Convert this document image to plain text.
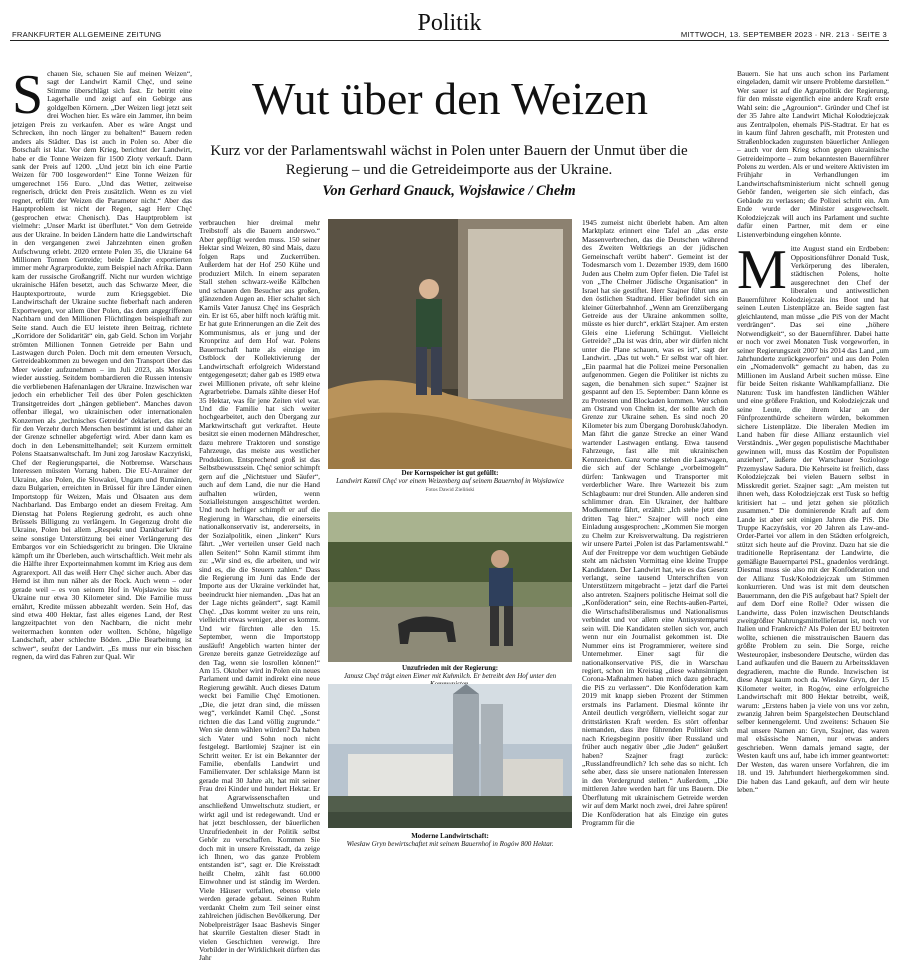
Politik
FRANKFURTER ALLGEMEINE ZEITUNG	MITTWOCH, 13. SEPTEMBER 2023 · NR. 213 · SEITE 3
S chauen Sie, schauen Sie auf meinen Weizen“, sagt der Landwirt Kamil Chęć, und seine Stimme überschlägt sich fast. Er betritt eine Lagerhalle und zeigt auf ein Gebirge aus goldgelben Körnern. „Der Weizen liegt jetzt seit drei Wochen hier. Es wäre ein Jammer, ihn beim jetzigen Preis zu verkaufen. Aber es wäre Angst und Schrecken, ihn noch länger zu behalten!“ Bauern reden anders als Städter. Das ist auch in Polen so. Aber die Botschaft ist klar. Vor dem Krieg, berichtet der Landwirt, habe er die Tonne Weizen für 1500 Złoty verkauft. Dann sank der Preis auf 1200. „Und jetzt bin ich eine Partie Weizen für 700 losgeworden!“ Eine Tonne Weizen für umgerechnet 156 Euro. „Und das Wetter, zeitweise regnerisch, drückt den Preis zusätzlich. Wenn es zu viel regnet, erfüllt der Weizen die Parameter nicht.“ Aber das Hauptproblem ist nicht der Regen, sagt Herr Chęć (gesprochen etwa: Chenisch). Das Hauptproblem ist vielmehr: „Unser Markt ist überflutet.“ Von dem Getreide aus der Ukraine. In beiden Ländern hatte die Landwirtschaft in den vergangenen zwei Jahrzehnten einen großen Aufschwung erlebt. 2020 erntete Polen 35, die Ukraine 64 Millionen Tonnen Getreide; beide Länder exportierten immer mehr Agrarprodukte, zum Beispiel nach Afrika. Dann kam der russische Großangriff. Nicht nur wurden wichtige ukrainische Häfen besetzt, auch das Schwarze Meer, die Hauptexportroute, wurde zum Kriegsgebiet. Die Landwirtschaft der Ukraine suchte fieberhaft nach anderen Exportwegen, vor allem über Polen, das dem angegriffenen Nachbarn und den Millionen Flüchtlingen beispielhaft zur Seite stand. Auch die EU leistete ihren Beitrag, richtete „Korridore der Solidarität“ ein, gab Geld. Schon im Vorjahr strömten Millionen Tonnen Getreide per Bahn und Lastwagen durch Polen. Doch mit dem erneuten Versuch, Getreideabkommen zu bewegen und den Transport über das Meer wieder aufzunehmen – im Juli 2023, als Moskau wieder ausstieg. Seitdem bombardieren die Russen intensiv die verbliebenen Hafenanlagen der Ukraine. Inzwischen war jedoch ein erheblicher Teil des über Polen geschickten Transitgetreides dort „hängen geblieben“. Manches davon offenbar illegal, wo ukrainischen oder internationalen Konzernen als „technisches Getreide“ deklariert, das nicht für den Verzehr durch Menschen bestimmt ist und daher an der Grenze schneller abgefertigt wird. Aber dann kam es doch in den Lebensmittelhandel; seit Kurzem ermittelt Polens Staatsanwaltschaft. Im Juni zog Jarosław Kaczyński, Chef der Regierungspartei, die Notbremse. Warschaus Interessen müssten Vorrang haben. Die EU-Anrainer der Ukraine, also Polen, die Slowakei, Ungarn und Rumänien, dazu Bulgarien, erreichten in Brüssel für ihre Länder einen Importstopp für Weizen, Mais und Ölsaaten aus dem Nachbarland. Das Embargo endet an diesem Freitag. Am Dienstag hat Polens Regierung gedroht, es auch ohne Brüssels Billigung zu verlängern. In Gegenzug droht die Ukraine, Polen bei allem „Respekt und Dankbarkeit“ für seine sonstige Unterstützung bei einer Verlängerung des Embargos vor ein Schiedsgericht zu bringen. Die Ukraine kämpft um ihr Überleben, auch wirtschaftlich. Weit mehr als die Hälfte ihrer Exporteinnahmen kommt im Krieg aus dem Agrarexport. All das weiß Herr Chęć sicher auch. Aber das Hemd ist ihm nun näher als der Rock. Auch wenn – oder gerade weil – es von seinem Hof in Wojsławice bis zur Ukraine nur etwa 30 Kilometer sind. Die Familie muss ernährt, Kredite müssen abbezahlt werden. Sein Hof, das sind etwa 400 Hektar, fast alles eigenes Land, der Rest langzeitpachtet von den Nachbarn, die nicht mehr weitermachen konnten oder wollten. Schöne, hügelige Landschaft, aber schlechte Böden. „Die Bearbeitung ist schwer“, seufzt der Landwirt. „Es muss nur ein bisschen regnen, da wird das Fahren zur Qual. Wir

Wut über den Weizen
Kurz vor der Parlamentswahl wächst in Polen unter Bauern der Unmut über die Regierung – und die Getreideimporte aus der Ukraine.
Von Gerhard Gnauck, Wojsławice / Chełm

verbrauchen hier dreimal mehr Treibstoff als die Bauern anderswo.“ Aber gepflügt werden muss. 150 seiner Hektar sind Weizen, 80 sind Mais, dazu folgen Raps und Zuckerrüben. Außerdem hat der Hof 250 Kühe und produziert Milch. In einem separaten Stall stehen schwarz-weiße Kälbchen und schauen den Besucher aus großen, glänzenden Augen an. Hier schaltet sich Kamils Vater Janusz Chęć ins Gespräch ein. Er ist 65, aber hilft noch kräftig mit. Er hat gute Erinnerungen an die Zeit des Kommunismus, als er jung und der Kronprinz auf dem Hof war. Polens Bauernschaft hatte als einzige im Ostblock der Kollektivierung der Landwirtschaft erfolgreich Widerstand entgegengesetzt; daher gab es 1989 etwa zwei Millionen private, oft sehr kleine Agrarbetriebe. Damals zählte dieser Hof 35 Hektar, was für jene Zeiten viel war. Und die Familie hat sich weiter hochgearbeitet, auch den Übergang zur Marktwirtschaft gut verkraftet. Heute besitzt sie einen modernen Mähdrescher, dazu mehrere Traktoren und sonstige Fahrzeuge, das meiste aus westlicher Produktion. Entsprechend groß ist das Selbstbewusstsein. Chęć senior schimpft gern auf die „Nichtstuer und Säufer“, auch auf dem Land, die nur die Hand aufhalten würden, wenn Sozialleistungen ausgeschüttet werden. Und noch heftiger schimpft er auf die Regierung in Warschau, die einerseits nationalkonservativ ist, andererseits, in der Sozialpolitik, einen „linken“ Kurs fährt. „Wer verteilen unser Geld nach allen Seiten!“ Sohn Kamil stimmt ihm zu: „Wir sind es, die arbeiten, und wir sind es, die die Steuern zahlen.“ Dass die Regierung im Juni das Ende der Importe aus der Ukraine verkündet hat, beeindruckt hier niemanden. „Das hat an der Lage nichts geändert“, sagt Kamil Chęć. „Das kommt weiter zu uns rein, vielleicht etwas weniger, aber es kommt. Und wir fürchten alle den 15. September, wenn die Importstopp ausläuft! Angeblich warten hinter der Grenze bereits ganze Getreidezüge auf den Tag, wenn sie losrollen können!“ Am 15. Oktober wird in Polen ein neues Parlament und damit indirekt eine neue Regierung gewählt. Auch dieses Datum weckt bei Familie Chęć Emotionen. „Die, die jetzt dran sind, die müssen weg“, verkündet Kamil Chęć. „Sonst richten die das Land völlig zugrunde.“ Wen sie denn wählen würden? Da haben sich Vater und Sohn noch nicht festgelegt. Bartłomiej Szajner ist ein Schritt weiter. Er ist ein Bekannter der Familie, ebenfalls Landwirt und Familienvater. Der schlaksige Mann ist gerade mal 30 Jahre alt, hat mit seiner Frau drei Kinder und hundert Hektar. Er hat Agrarwissenschaften und anschließend Umweltschutz studiert, er wirkt agil und ist redegewandt. Und er hat jetzt beschlossen, der bäuerlichen Unzufriedenheit in der Politik selbst Gehör zu verschaffen. Kommen Sie doch mit in unsere Kreisstadt, da zeige ich Ihnen, wo das ganze Problem entstanden ist“, sagt er. Die Kreisstadt heißt Chełm, zählt fast 60.000 Einwohner und ist ständig im Werden. Viele Häuser verfallen, ebenso viele werden gerade gebaut. Seinen Ruhm verdankt Chełm zum Teil seiner einst zahlreichen jüdischen Bevölkerung. Der Nobelpreisträger Isaac Bashevis Singer hat skurrile Gestalten dieser Stadt in vielen Geschichten verewigt. Ihre Vorbilder in der Wirklichkeit dürften das Jahr

Der Kornspeicher ist gut gefüllt:
Landwirt Kamil Chęć vor einem Weizenberg auf seinem Bauernhof in Wojsławice
Fotos Dawid Zieliński
Unzufrieden mit der Regierung:
Janusz Chęć trägt einen Eimer mit Kuhmilch. Er betreibt den Hof unter den
Moderne Landwirtschaft:
Wiesław Gryn bewirtschaftet mit seinem Bauernhof in Rogów 800 Hektar.

1945 zumeist nicht überlebt haben. Am alten Marktplatz erinnert eine Tafel an „das erste Massenverbrechen, das die Deutschen während des Zweiten Weltkriegs an der jüdischen Gemeinschaft verübt haben“. Gemeint ist der Todesmarsch vom 1. Dezember 1939, dem 1600 Juden aus Chełm zum Opfer fielen. Die Tafel ist von „The Chełmer Jüdische Organisation“ in Israel hat sie gestiftet. Herr Szajner führt uns an den östlichen Stadtrand. Hier befindet sich ein kleiner Güterbahnhof. „Wenn am Grenzübergang Getreide aus der Ukraine ankommen sollte, müsste es hier durch“, erklärt Szajner. Am ersten Gleis eine Lieferung Schüttgut. Vielleicht Getreide? „Da ist was drin, aber wir dürfen nicht unter die Plane schauen, was es ist“, sagt der Landwirt. „Das tut weh.“ Er selbst war oft hier. „Ein paarmal hat die Polizei meine Personalien aufgenommen. Gegen die Politiker ist nichts zu sagen, die benahmen sich super.“ Szajner ist gespannt auf den 15. September: Dann könne es zu Protesten und Blockaden kommen. Wer schon am Ostrand von Chełm ist, der sollte auch die Grenze zur Ukraine sehen. Es sind noch 20 Kilometer bis zum Übergang Dorohusk/Jahodyn. Man fährt die ganze Strecke an einer Wand wartender Lastwagen entlang. Etwa tausend Fahrzeuge, fast alle mit ukrainischen Kennzeichen. Ganz vorne stehen die Lastwagen, die sich auf der Schlange „vorbeimogeln“ dürfen: Tankwagen und Transporter mit verderblicher Ware. Ihre Wartezeit bis zum Schlagbaum: nur drei Stunden. Alle anderen sind schlimmer dran. Ein Ukrainer, der haltbare Modkemente fährt, erzählt: „Ich stehe jetzt den dritten Tag hier.“ Szajner will noch eine Einladung ausgesprochen: „Kommen Sie morgen zu Chełm zur Kreisverwaltung. Da registrieren wir unsere Partei ,Polen ist das Parlamentswahl.“ Auf der Freitreppe vor dem wuchtigen Gebäude steht am nächsten Vormittag eine kleine Truppe Kandidaten. Der Landwirt hat, wie es das Gesetz verlangt, seine tausend Unterschriften von Unterstützern mitgebracht – jetzt darf die Partei also antreten. Szajners politische Heimat soll die „Konföderation“ sein, eine Rechts-außen-Partei, die Wirtschaftsliberalismus und Nationalismus verbindet und vor allem eine Antisystempartei sein will. Die Kandidaten stellen sich vor, auch wenn nur ein Journalist gekommen ist. Die Nummer eins ist Programmierer, weitere sind Unternehmer. Einer sagt für die nationalkonservative PiS, die in Warschau regiert, schon im Kreistag „diese wahnsinnigen Corona-Maßnahmen haben mich dazu gebracht, die PiS zu verlassen“. Die Konföderation kam 2019 mit knapp sieben Prozent der Stimmen erstmals ins Parlament. Diesmal könnte ihr Anteil deutlich vergrößern, vielleicht sogar zur drittstärksten Kraft werden. Es stört offenbar niemanden, dass ihre führenden Politiker sich nach Kriegsbeginn positiv über Russland und früher auch negativ über „die Juden“ geäußert haben? Szajner fragt zurück: „Russlandfreundlich? Ich sehe das so nicht. Ich sehe aber, dass sie unsere nationalen Interessen in den Vordergrund stellen.“ Außerdem, „Die mittleren Jahre werden hart für uns Bauern. Die Überflutung mit ukrainischem Getreide werden wir auf dem Markt noch zwei, drei Jahre spüren! Die Konföderation hat als Einzige ein gutes Programm für die

Bauern. Sie hat uns auch schon ins Parlament eingeladen, damit wir unsere Probleme darstellen.“ Wer sauer ist auf die Agrarpolitik der Regierung, für den müsste eigentlich eine andere Kraft erste Wahl sein: die „Agrounion“. Gründer und Chef ist der 35 Jahre alte Landwirt Michał Kołodziejczak aus Zentralpolen, ehemals PiS-Stadtrat. Er hat es in kaum fünf Jahren geschafft, mit Protesten und Straßenblockaden zugunsten bäuerlicher Anliegen – auch vor dem Krieg schon gegen ukrainische Getreideimporte – zum bekanntesten Bauernführer Polens zu werden. Als er und weitere Aktivisten im Frühjahr in Verhandlungen im Landwirtschaftsministerium nicht schnell genug Gehör fanden, weigerten sie sich einfach, das Gebäude zu verlassen; die Polizei schritt ein. Am Ende wurde der Minister ausgewechselt. Kołodziejczak will auch ins Parlament und suchte dafür einen Partner, mit dem er eine Listenverbindung eingehen könnte.

M itte August stand ein Erdbeben: Oppositionsführer Donald Tusk, Verkörperung des liberalen, städtischen Polens, holte ausgerechnet den Chef der liberalen und antiwestlichen Bauernführer Kołodziejczak ins Boot und hat seinen Leuten Listenplätze an. Beide sagten fast gleichlautend, man müsse „die PiS von der Macht verdrängen“. Das sei eine „höhere Notwendigkeit“, so der Bauernführer. Dabei hatte er noch vor zwei Monaten Tusk vorgeworfen, in seiner Regierungszeit 2007 bis 2014 das Land „um Jahrhunderte zurückgeworfen“ und aus den Polen ein „Nomadenvolk“ gemacht zu haben, das zu Millionen im Ausland Arbeit suchen müsse. Eine für beide Seiten riskante Wahlkampfallianz. Die Naturen: Tusk im handfesten ländlichen Wähler und eine größere Fraktion, und Kołodziejczak und seine Leute, die ihrem klar an der Fünfprozenthürde scheitern würden, bekommen sichere Listenplätze. Die liberalen Medien im Land haben für diese Allianz erstaunlich viel Verständnis. „Wer gegen populistische Machthaber gewinnen will, muss das Kostüm der Populisten anziehen“, äußerte der Warschauer Soziologe Przemysław Sadura. Die Kehrseite ist freilich, dass Kołodziejczak bei vielen Bauern selbst in Misskredit geriet. Szajner sagt: „Am meisten tut ihnen weh, dass Kołodziejczak erst Tusk so heftig kritisiert hat – und jetzt gehen sie plötzlich zusammen.“ Die dominierende Kraft auf dem Lande ist aber seit einigen Jahren die PiS. Die Truppe Kaczyńskis, vor 20 Jahren als Law-and-Order-Partei vor allem in den Städten erfolgreich, stützt sich heute auf die Provinz. Dazu hat sie die traditionelle Repräsentanz der Landwirte, die gemäßigte Bauernpartei PSL, gnadenlos verdrängt. Diesmal muss sie also mit der Konföderation und der Allianz Tusk/Kołodziejczak um Stimmen konkurrieren. Und was ist mit dem deutschen Bauernmann, den die PiS aufgebaut hat? Spielt der auf dem Dorf eine Rolle? Oder wissen die Landwirte, dass Polen inzwischen Deutschlands zweitgrößter Nahrungsmittellieferant ist, noch vor Italien und Frankreich? Als Polen der EU beitreten wollte, schienen die misstrauischen Bauern das größte Problem zu sein. Die Sorge, reiche Westeuropäer, insbesondere Deutsche, würden das Land aufkaufen und die Bauern zu Arbeitssklaven degradieren, machte die Runde. Inzwischen ist diese Angst kaum noch da. Wiesław Gryn, der 15 Kilometer weiter, in Rogów, eine erfolgreiche Landwirtschaft mit 800 Hektar betreibt, weiß, warum: „Erstens haben ja viele von uns vor zehn, zwanzig Jahren beim Spargelstechen Deutschland selber kennengelernt. Und zweitens: Schauen Sie mal unsere Namen an: Gryn, Szajner, das waren mal elsässische Namen, nur etwas anders geschrieben. Wenn damals jemand sagte, der Westen kauft uns auf, habe ich immer geantwortet: Der Westen, das waren unsere Vorfahren, die im 18. und 19. Jahrhundert hierhergekommen sind. Die haben das Land gekauft, auf dem wir heute leben.“
